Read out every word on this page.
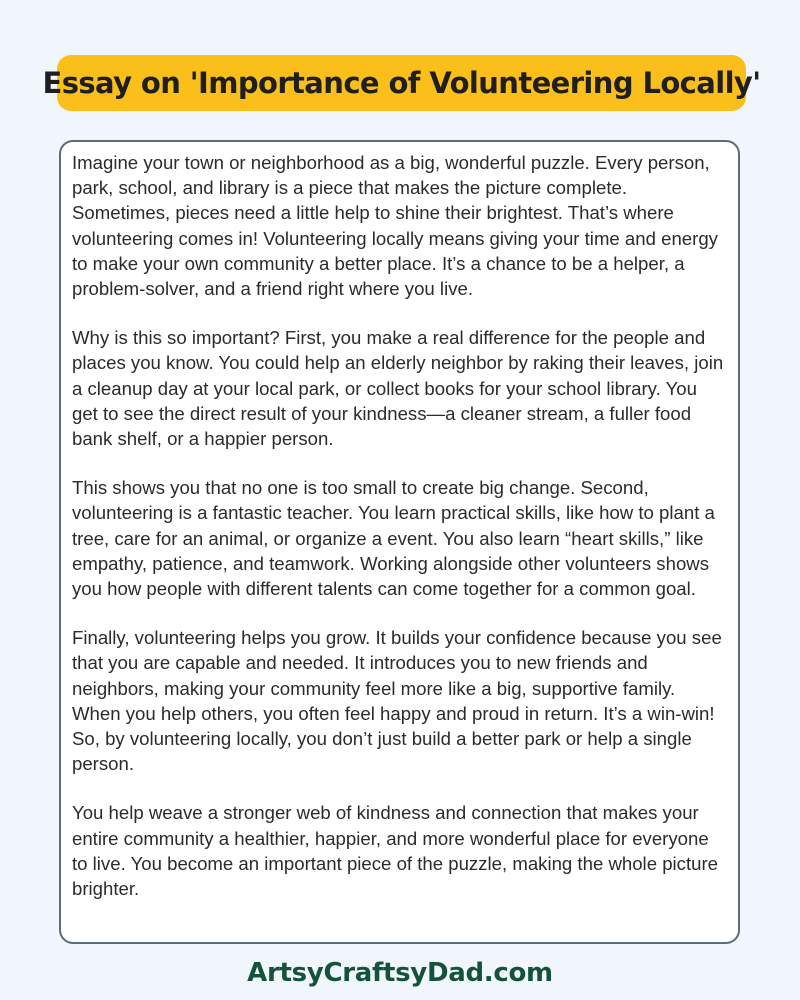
Essay on 'Importance of Volunteering Locally'

Imagine your town or neighborhood as a big, wonderful puzzle. Every person, park, school, and library is a piece that makes the picture complete. Sometimes, pieces need a little help to shine their brightest. That’s where volunteering comes in! Volunteering locally means giving your time and energy to make your own community a better place. It’s a chance to be a helper, a problem-solver, and a friend right where you live.

Why is this so important? First, you make a real difference for the people and places you know. You could help an elderly neighbor by raking their leaves, join a cleanup day at your local park, or collect books for your school library. You get to see the direct result of your kindness—a cleaner stream, a fuller food bank shelf, or a happier person.

This shows you that no one is too small to create big change. Second, volunteering is a fantastic teacher. You learn practical skills, like how to plant a tree, care for an animal, or organize a event. You also learn “heart skills,” like empathy, patience, and teamwork. Working alongside other volunteers shows you how people with different talents can come together for a common goal.

Finally, volunteering helps you grow. It builds your confidence because you see that you are capable and needed. It introduces you to new friends and neighbors, making your community feel more like a big, supportive family. When you help others, you often feel happy and proud in return. It’s a win-win! So, by volunteering locally, you don’t just build a better park or help a single person.

You help weave a stronger web of kindness and connection that makes your entire community a healthier, happier, and more wonderful place for everyone to live. You become an important piece of the puzzle, making the whole picture brighter.

ArtsyCraftsyDad.com
